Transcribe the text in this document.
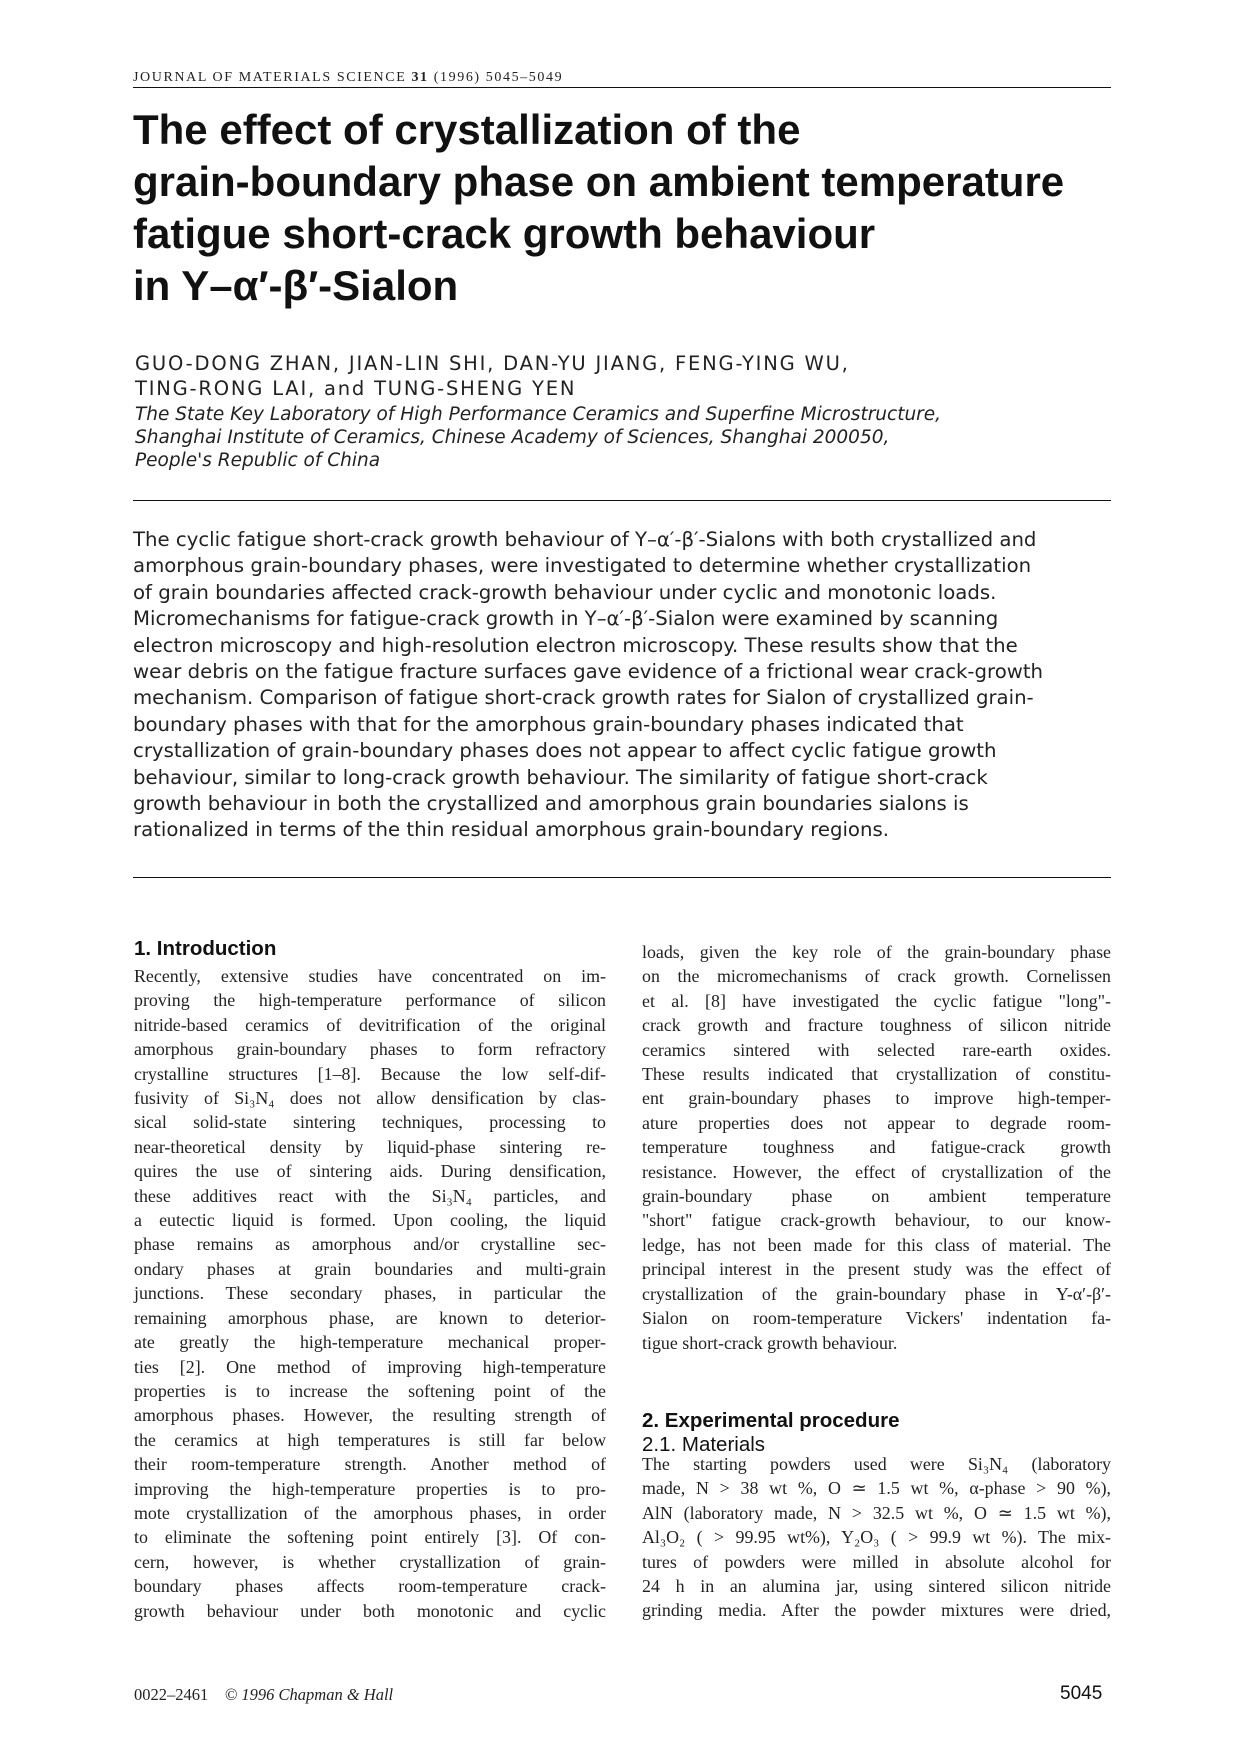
JOURNAL OF MATERIALS SCIENCE 31 (1996) 5045–5049
The effect of crystallization of the
grain-boundary phase on ambient temperature
fatigue short-crack growth behaviour
in Y–α′-β′-Sialon
GUO-DONG ZHAN, JIAN-LIN SHI, DAN-YU JIANG, FENG-YING WU,
TING-RONG LAI, and TUNG-SHENG YEN
The State Key Laboratory of High Performance Ceramics and Superfine Microstructure,
Shanghai Institute of Ceramics, Chinese Academy of Sciences, Shanghai 200050,
People's Republic of China
The cyclic fatigue short-crack growth behaviour of Y–α′-β′-Sialons with both crystallized and
amorphous grain-boundary phases, were investigated to determine whether crystallization
of grain boundaries affected crack-growth behaviour under cyclic and monotonic loads.
Micromechanisms for fatigue-crack growth in Y–α′-β′-Sialon were examined by scanning
electron microscopy and high-resolution electron microscopy. These results show that the
wear debris on the fatigue fracture surfaces gave evidence of a frictional wear crack-growth
mechanism. Comparison of fatigue short-crack growth rates for Sialon of crystallized grain-
boundary phases with that for the amorphous grain-boundary phases indicated that
crystallization of grain-boundary phases does not appear to affect cyclic fatigue growth
behaviour, similar to long-crack growth behaviour. The similarity of fatigue short-crack
growth behaviour in both the crystallized and amorphous grain boundaries sialons is
rationalized in terms of the thin residual amorphous grain-boundary regions.
1. Introduction
Recently, extensive studies have concentrated on im-
proving the high-temperature performance of silicon
nitride-based ceramics of devitrification of the original
amorphous grain-boundary phases to form refractory
crystalline structures [1–8]. Because the low self-dif-
fusivity of Si₃N₄ does not allow densification by clas-
sical solid-state sintering techniques, processing to
near-theoretical density by liquid-phase sintering re-
quires the use of sintering aids. During densification,
these additives react with the Si₃N₄ particles, and
a eutectic liquid is formed. Upon cooling, the liquid
phase remains as amorphous and/or crystalline sec-
ondary phases at grain boundaries and multi-grain
junctions. These secondary phases, in particular the
remaining amorphous phase, are known to deterior-
ate greatly the high-temperature mechanical proper-
ties [2]. One method of improving high-temperature
properties is to increase the softening point of the
amorphous phases. However, the resulting strength of
the ceramics at high temperatures is still far below
their room-temperature strength. Another method of
improving the high-temperature properties is to pro-
mote crystallization of the amorphous phases, in order
to eliminate the softening point entirely [3]. Of con-
cern, however, is whether crystallization of grain-
boundary phases affects room-temperature crack-
growth behaviour under both monotonic and cyclic
loads, given the key role of the grain-boundary phase
on the micromechanisms of crack growth. Cornelissen
et al. [8] have investigated the cyclic fatigue "long"-
crack growth and fracture toughness of silicon nitride
ceramics sintered with selected rare-earth oxides.
These results indicated that crystallization of constitu-
ent grain-boundary phases to improve high-temper-
ature properties does not appear to degrade room-
temperature toughness and fatigue-crack growth
resistance. However, the effect of crystallization of the
grain-boundary phase on ambient temperature
"short" fatigue crack-growth behaviour, to our know-
ledge, has not been made for this class of material. The
principal interest in the present study was the effect of
crystallization of the grain-boundary phase in Y-α′-β′-
Sialon on room-temperature Vickers' indentation fa-
tigue short-crack growth behaviour.
2. Experimental procedure
2.1. Materials
The starting powders used were Si₃N₄ (laboratory
made, N > 38 wt %, O ≃ 1.5 wt %, α-phase > 90 %),
AlN (laboratory made, N > 32.5 wt %, O ≃ 1.5 wt %),
Al₃O₂ ( > 99.95 wt%), Y₂O₃ ( > 99.9 wt %). The mix-
tures of powders were milled in absolute alcohol for
24 h in an alumina jar, using sintered silicon nitride
grinding media. After the powder mixtures were dried,
0022–2461 © 1996 Chapman & Hall	5045
